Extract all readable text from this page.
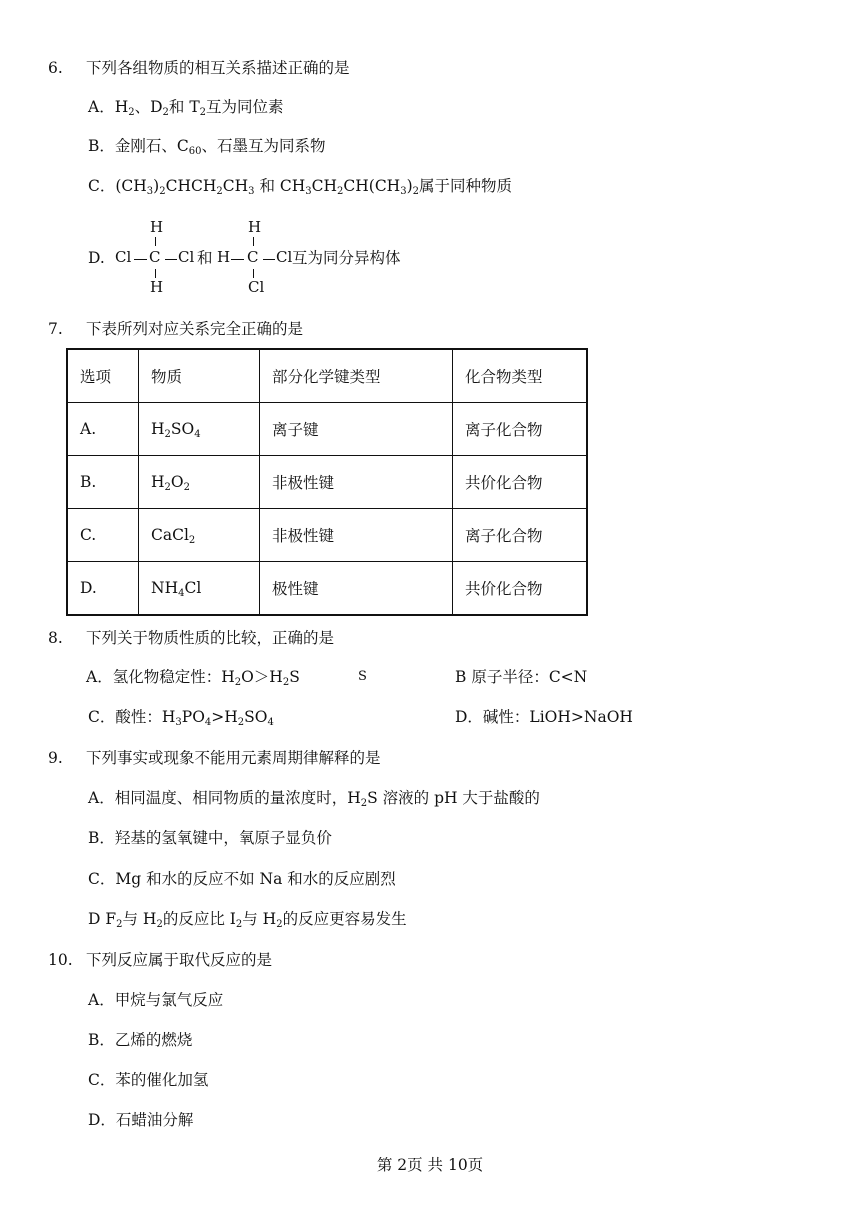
6. 下列各组物质的相互关系描述正确的是
A．$H_2$、$D_2$和 $T_2$互为同位素
B．金刚石、$C_{60}$、石墨互为同系物
C．$(CH_3)_2CHCH_2CH_3$ 和 $CH_3CH_2CH(CH_3)_2$属于同种物质
D.
H
Cl C Cl
H
和
H
H C Cl
Cl
互为同分异构体
7. 下表所列对应关系完全正确的是
选项	物质	部分化学键类型	化合物类型
A.	$H_2SO_4$	离子键	离子化合物
B.	$H_2O_2$	非极性键	共价化合物
C.	CaCl$_2$	非极性键	离子化合物
D.	$NH_4Cl$	极性键	共价化合物
8. 下列关于物质性质的比较，正确的是
A．氢化物稳定性：$H_2O>H_2S$	S	B 原子半径：C<N
C．酸性：$H_3PO_4>H_2SO_4$	D．碱性：LiOH>NaOH
9. 下列事实或现象不能用元素周期律解释的是
A．相同温度、相同物质的量浓度时，$H_2S$ 溶液的 pH 大于盐酸的
B．羟基的氢氧键中，氧原子显负价
C．Mg 和水的反应不如 Na 和水的反应剧烈
D $F_2$与 $H_2$的反应比 $I_2$与 $H_2$的反应更容易发生
10. 下列反应属于取代反应的是
A．甲烷与氯气反应
B．乙烯的燃烧
C．苯的催化加氢
D．石蜡油分解
第 2页 共 10页
